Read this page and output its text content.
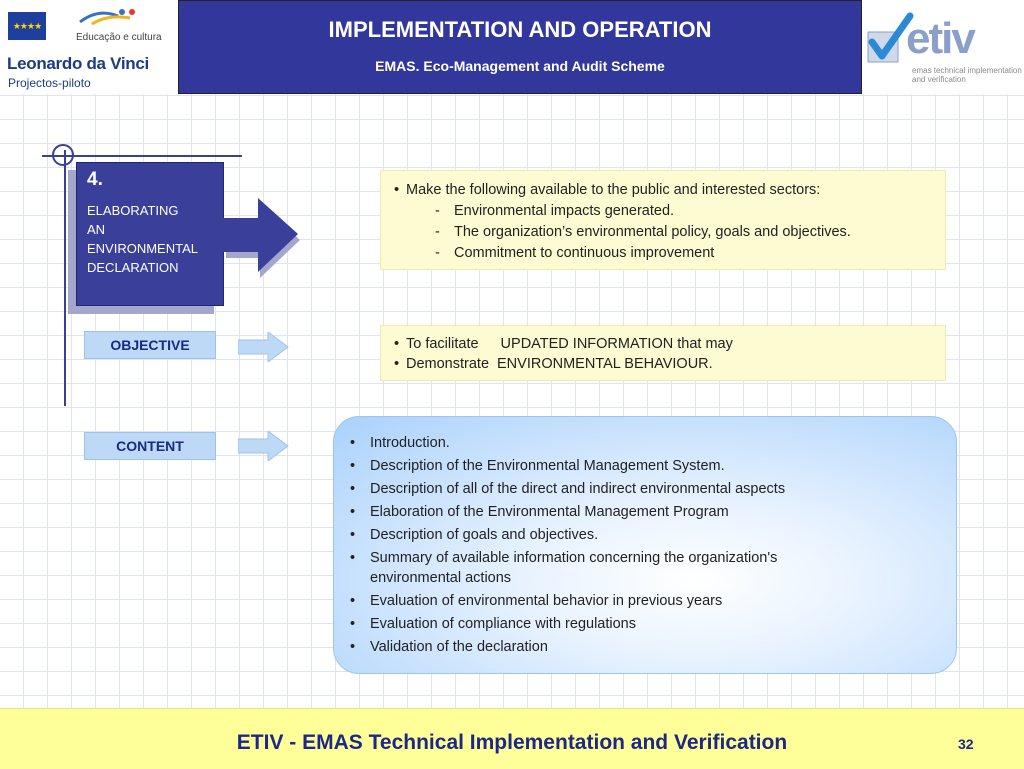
★★★★
Educação e cultura
Leonardo da Vinci
Projectos-piloto
IMPLEMENTATION AND OPERATION
EMAS. Eco-Management and Audit Scheme
etiv
emas technical implementation and verification
4.
ELABORATING
AN
ENVIRONMENTAL
DECLARATION
OBJECTIVE	• To facilitate UPDATED INFORMATION that may
• Demonstrate ENVIRONMENTAL BEHAVIOUR.
• Make the following available to the public and interested sectors:
- Environmental impacts generated.
- The organization’s environmental policy, goals and objectives.
- Commitment to continuous improvement
CONTENT	•	Introduction.
•	Description of the Environmental Management System.
•	Description of all of the direct and indirect environmental aspects
•	Elaboration of the Environmental Management Program
•	Description of goals and objectives.
•	Summary of available information concerning the organization's environmental actions
•	Evaluation of environmental behavior in previous years
•	Evaluation of compliance with regulations
•	Validation of the declaration
ETIV - EMAS Technical Implementation and Verification	32
